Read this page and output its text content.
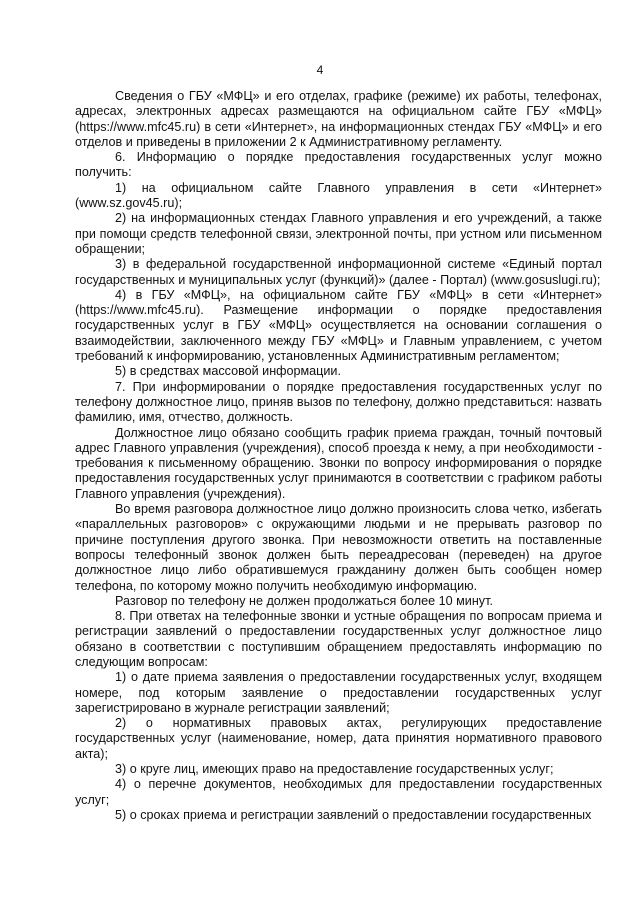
4

Сведения о ГБУ «МФЦ» и его отделах, графике (режиме) их работы, телефонах, адресах, электронных адресах размещаются на официальном сайте ГБУ «МФЦ» (https://www.mfc45.ru) в сети «Интернет», на информационных стендах ГБУ «МФЦ» и его отделов и приведены в приложении 2 к Административному регламенту.

6. Информацию о порядке предоставления государственных услуг можно получить:

1) на официальном сайте Главного управления в сети «Интернет» (www.sz.gov45.ru);

2) на информационных стендах Главного управления и его учреждений, а также при помощи средств телефонной связи, электронной почты, при устном или письменном обращении;

3) в федеральной государственной информационной системе «Единый портал государственных и муниципальных услуг (функций)» (далее - Портал) (www.gosuslugi.ru);

4) в ГБУ «МФЦ», на официальном сайте ГБУ «МФЦ» в сети «Интернет» (https://www.mfc45.ru). Размещение информации о порядке предоставления государственных услуг в ГБУ «МФЦ» осуществляется на основании соглашения о взаимодействии, заключенного между ГБУ «МФЦ» и Главным управлением, с учетом требований к информированию, установленных Административным регламентом;

5) в средствах массовой информации.

7. При информировании о порядке предоставления государственных услуг по телефону должностное лицо, приняв вызов по телефону, должно представиться: назвать фамилию, имя, отчество, должность.

Должностное лицо обязано сообщить график приема граждан, точный почтовый адрес Главного управления (учреждения), способ проезда к нему, а при необходимости - требования к письменному обращению. Звонки по вопросу информирования о порядке предоставления государственных услуг принимаются в соответствии с графиком работы Главного управления (учреждения).

Во время разговора должностное лицо должно произносить слова четко, избегать «параллельных разговоров» с окружающими людьми и не прерывать разговор по причине поступления другого звонка. При невозможности ответить на поставленные вопросы телефонный звонок должен быть переадресован (переведен) на другое должностное лицо либо обратившемуся гражданину должен быть сообщен номер телефона, по которому можно получить необходимую информацию.

Разговор по телефону не должен продолжаться более 10 минут.

8. При ответах на телефонные звонки и устные обращения по вопросам приема и регистрации заявлений о предоставлении государственных услуг должностное лицо обязано в соответствии с поступившим обращением предоставлять информацию по следующим вопросам:

1) о дате приема заявления о предоставлении государственных услуг, входящем номере, под которым заявление о предоставлении государственных услуг зарегистрировано в журнале регистрации заявлений;

2) о нормативных правовых актах, регулирующих предоставление государственных услуг (наименование, номер, дата принятия нормативного правового акта);

3) о круге лиц, имеющих право на предоставление государственных услуг;

4) о перечне документов, необходимых для предоставлении государственных услуг;

5) о сроках приема и регистрации заявлений о предоставлении государственных
